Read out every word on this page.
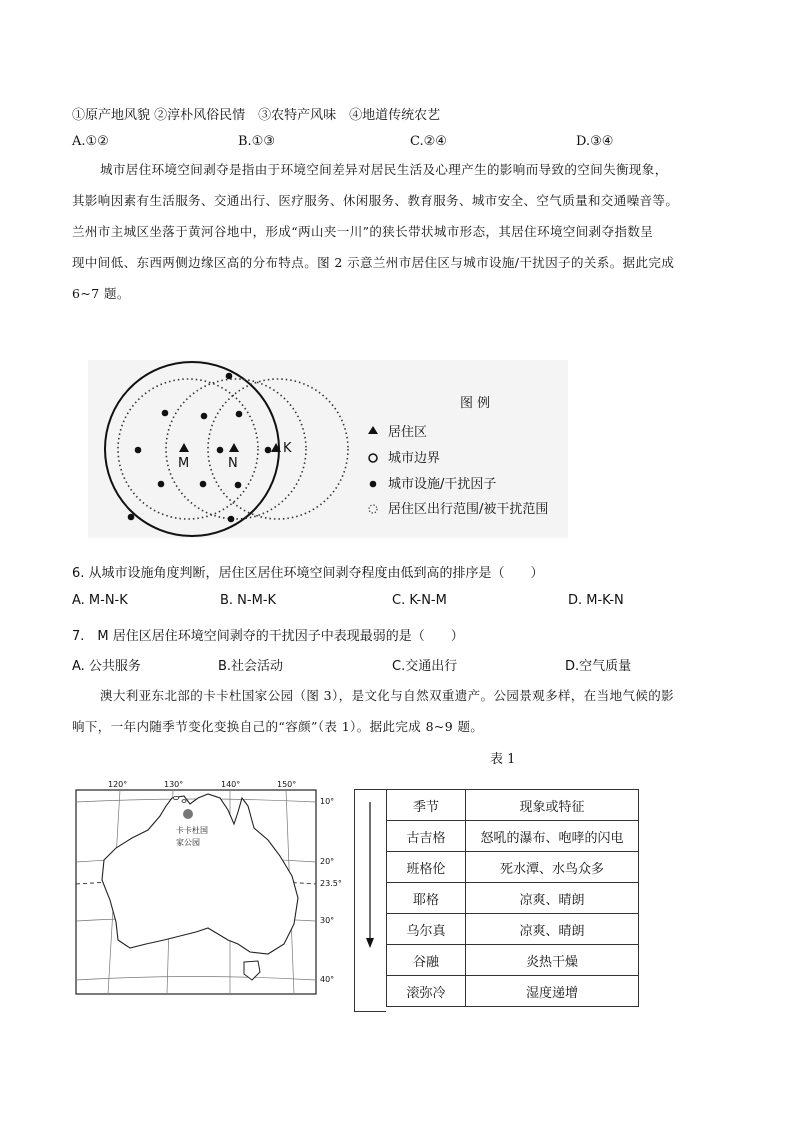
①原产地风貌 ②淳朴风俗民情　③农特产风味　④地道传统农艺
A.①②	B.①③	C.②④	D.③④
城市居住环境空间剥夺是指由于环境空间差异对居民生活及心理产生的影响而导致的空间失衡现象，
其影响因素有生活服务、交通出行、医疗服务、休闲服务、教育服务、城市安全、空气质量和交通噪音等。
兰州市主城区坐落于黄河谷地中，形成“两山夹一川”的狭长带状城市形态，其居住环境空间剥夺指数呈
现中间低、东西两侧边缘区高的分布特点。图 2 示意兰州市居住区与城市设施/干扰因子的关系。据此完成
6~7 题。
M	N
K
图 例
居住区
城市边界
城市设施/干扰因子
居住区出行范围/被干扰范围
6. 从城市设施角度判断，居住区居住环境空间剥夺程度由低到高的排序是（　　）
A. M-N-K	B. N-M-K	C. K-N-M	D. M-K-N
7.　M 居住区居住环境空间剥夺的干扰因子中表现最弱的是（　　）
A. 公共服务	B.社会活动	C.交通出行	D.空气质量
澳大利亚东北部的卡卡杜国家公园（图 3），是文化与自然双重遗产。公园景观多样，在当地气候的影
响下，一年内随季节变化变换自己的“容颜”（表 1）。据此完成 8~9 题。
表 1
120°	130°	140°	150°
10°
20°
23.5°
30°
40°
卡卡杜国
家公园
季节	现象或特征
古吉格	怒吼的瀑布、咆哮的闪电
班格伦	死水潭、水鸟众多
耶格	凉爽、晴朗
乌尔真	凉爽、晴朗
谷融	炎热干燥
滚弥冷	湿度递增
